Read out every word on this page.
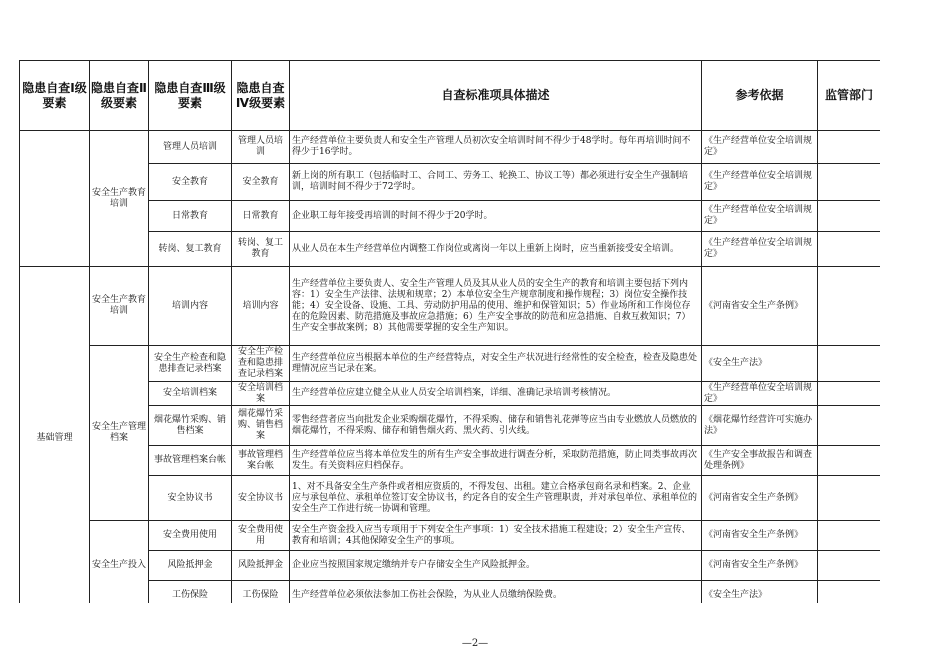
隐患自查Ⅰ级要素	隐患自查Ⅱ级要素	隐患自查Ⅲ级要素	隐患自查Ⅳ级要素	自查标准项具体描述	参考依据	监管部门
	安全生产教育培训	管理人员培训	管理人员培训	生产经营单位主要负责人和安全生产管理人员初次安全培训时间不得少于48学时。每年再培训时间不得少于16学时。	《生产经营单位安全培训规定》	
		安全教育	安全教育	新上岗的所有职工（包括临时工、合同工、劳务工、轮换工、协议工等）都必须进行安全生产强制培训，培训时间不得少于72学时。	《生产经营单位安全培训规定》	
		日常教育	日常教育	企业职工每年接受再培训的时间不得少于20学时。	《生产经营单位安全培训规定》	
		转岗、复工教育	转岗、复工教育	从业人员在本生产经营单位内调整工作岗位或离岗一年以上重新上岗时，应当重新接受安全培训。	《生产经营单位安全培训规定》	
基础管理	安全生产教育培训	培训内容	培训内容	生产经营单位主要负责人、安全生产管理人员及其从业人员的安全生产的教育和培训主要包括下列内容：1）安全生产法律、法规和规章；2）本单位安全生产规章制度和操作规程；3）岗位安全操作技能；4）安全设备、设施、工具、劳动防护用品的使用、维护和保管知识；5）作业场所和工作岗位存在的危险因素、防范措施及事故应急措施；6）生产安全事故的防范和应急措施、自救互救知识；7）生产安全事故案例；8）其他需要掌握的安全生产知识。	《河南省安全生产条例》	
	安全生产管理档案	安全生产检查和隐患排查记录档案	安全生产检查和隐患排查记录档案	生产经营单位应当根据本单位的生产经营特点，对安全生产状况进行经常性的安全检查，检查及隐患处理情况应当记录在案。	《安全生产法》	
		安全培训档案	安全培训档案	生产经营单位应建立健全从业人员安全培训档案，详细、准确记录培训考核情况。	《生产经营单位安全培训规定》	
		烟花爆竹采购、销售档案	烟花爆竹采购、销售档案	零售经营者应当向批发企业采购烟花爆竹，不得采购、储存和销售礼花弹等应当由专业燃放人员燃放的烟花爆竹，不得采购、储存和销售烟火药、黑火药、引火线。	《烟花爆竹经营许可实施办法》	
		事故管理档案台帐	事故管理档案台帐	生产经营单位应当将本单位发生的所有生产安全事故进行调查分析，采取防范措施，防止同类事故再次发生。有关资料应归档保存。	《生产安全事故报告和调查处理条例》	
		安全协议书	安全协议书	1、对不具备安全生产条件或者相应资质的，不得发包、出租。建立合格承包商名录和档案。2、企业应与承包单位、承租单位签订安全协议书，约定各自的安全生产管理职责，并对承包单位、承租单位的安全生产工作进行统一协调和管理。	《河南省安全生产条例》	
	安全生产投入	安全费用使用	安全费用使用	安全生产资金投入应当专项用于下列安全生产事项：1）安全技术措施工程建设；2）安全生产宣传、教育和培训；4其他保障安全生产的事项。	《河南省安全生产条例》	
		风险抵押金	风险抵押金	企业应当按照国家规定缴纳并专户存储安全生产风险抵押金。	《河南省安全生产条例》	
		工伤保险	工伤保险	生产经营单位必须依法参加工伤社会保险，为从业人员缴纳保险费。	《安全生产法》	
—2—
